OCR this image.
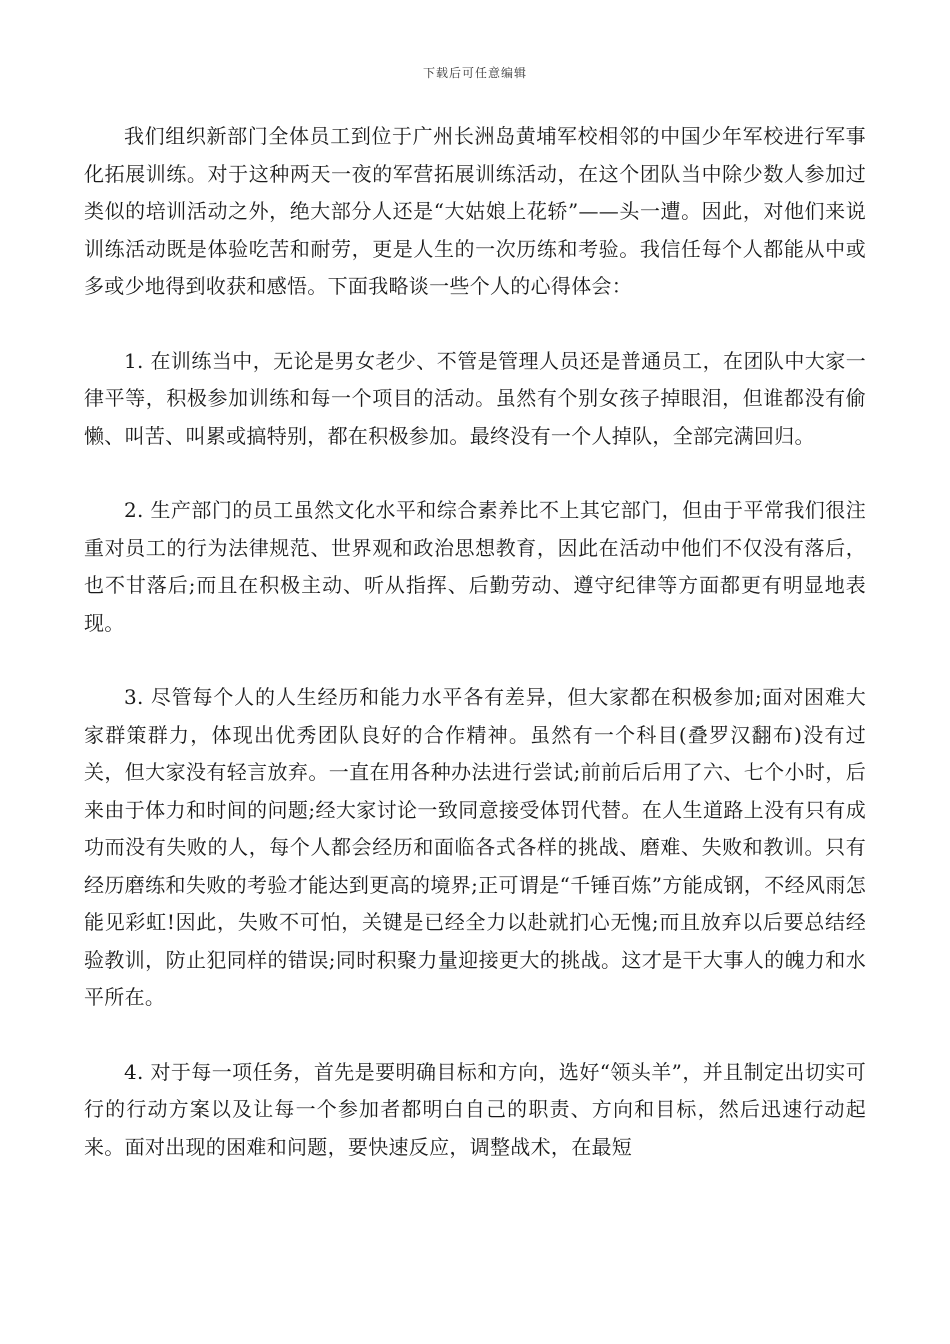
下载后可任意编辑

我们组织新部门全体员工到位于广州长洲岛黄埔军校相邻的中国少年军校进行军事化拓展训练。对于这种两天一夜的军营拓展训练活动，在这个团队当中除少数人参加过类似的培训活动之外，绝大部分人还是“大姑娘上花轿”——头一遭。因此，对他们来说训练活动既是体验吃苦和耐劳，更是人生的一次历练和考验。我信任每个人都能从中或多或少地得到收获和感悟。下面我略谈一些个人的心得体会：

1. 在训练当中，无论是男女老少、不管是管理人员还是普通员工，在团队中大家一律平等，积极参加训练和每一个项目的活动。虽然有个别女孩子掉眼泪，但谁都没有偷懒、叫苦、叫累或搞特别，都在积极参加。最终没有一个人掉队，全部完满回归。

2. 生产部门的员工虽然文化水平和综合素养比不上其它部门，但由于平常我们很注重对员工的行为法律规范、世界观和政治思想教育，因此在活动中他们不仅没有落后，也不甘落后;而且在积极主动、听从指挥、后勤劳动、遵守纪律等方面都更有明显地表现。

3. 尽管每个人的人生经历和能力水平各有差异，但大家都在积极参加;面对困难大家群策群力，体现出优秀团队良好的合作精神。虽然有一个科目(叠罗汉翻布)没有过关，但大家没有轻言放弃。一直在用各种办法进行尝试;前前后后用了六、七个小时，后来由于体力和时间的问题;经大家讨论一致同意接受体罚代替。在人生道路上没有只有成功而没有失败的人，每个人都会经历和面临各式各样的挑战、磨难、失败和教训。只有经历磨练和失败的考验才能达到更高的境界;正可谓是“千锤百炼”方能成钢，不经风雨怎能见彩虹!因此，失败不可怕，关键是已经全力以赴就扪心无愧;而且放弃以后要总结经验教训，防止犯同样的错误;同时积聚力量迎接更大的挑战。这才是干大事人的魄力和水平所在。

4. 对于每一项任务，首先是要明确目标和方向，选好“领头羊”，并且制定出切实可行的行动方案以及让每一个参加者都明白自己的职责、方向和目标，然后迅速行动起来。面对出现的困难和问题，要快速反应，调整战术，在最短
